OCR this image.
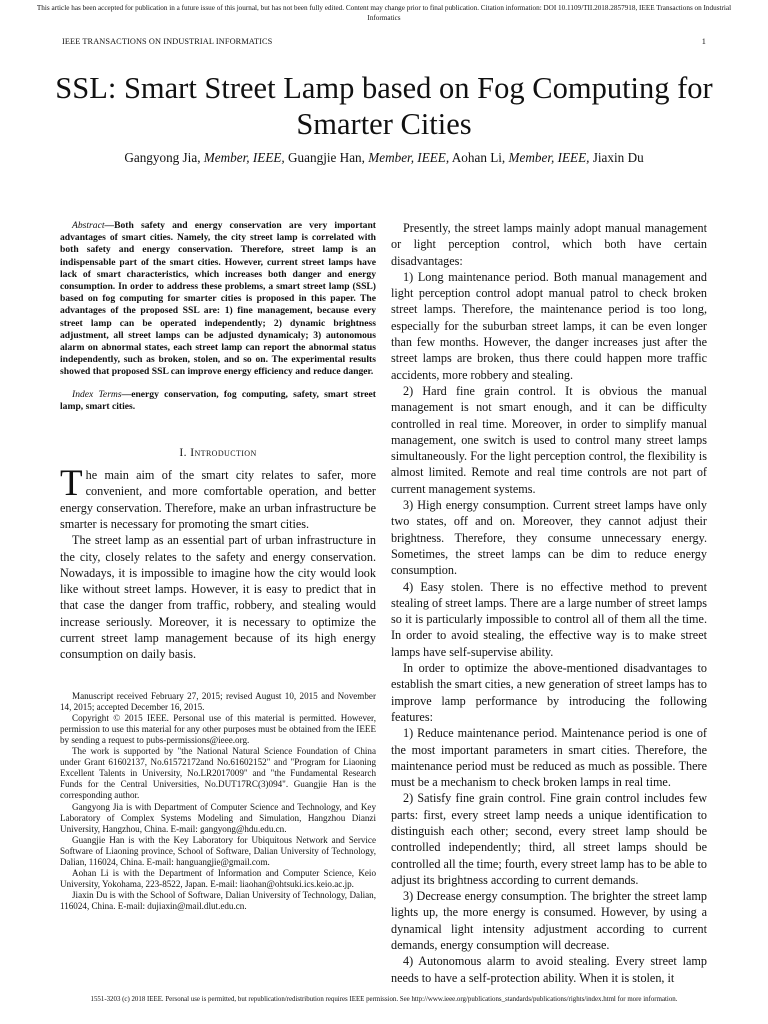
This article has been accepted for publication in a future issue of this journal, but has not been fully edited. Content may change prior to final publication. Citation information: DOI 10.1109/TII.2018.2857918, IEEE Transactions on Industrial Informatics
IEEE TRANSACTIONS ON INDUSTRIAL INFORMATICS	1
SSL: Smart Street Lamp based on Fog Computing for Smarter Cities
Gangyong Jia, Member, IEEE, Guangjie Han, Member, IEEE, Aohan Li, Member, IEEE, Jiaxin Du

Abstract—Both safety and energy conservation are very important advantages of smart cities. Namely, the city street lamp is correlated with both safety and energy conservation. Therefore, street lamp is an indispensable part of the smart cities. However, current street lamps have lack of smart characteristics, which increases both danger and energy consumption. In order to address these problems, a smart street lamp (SSL) based on fog computing for smarter cities is proposed in this paper. The advantages of the proposed SSL are: 1) fine management, because every street lamp can be operated independently; 2) dynamic brightness adjustment, all street lamps can be adjusted dynamicaly; 3) autonomous alarm on abnormal states, each street lamp can report the abnormal status independently, such as broken, stolen, and so on. The experimental results showed that proposed SSL can improve energy efficiency and reduce danger.

Index Terms—energy conservation, fog computing, safety, smart street lamp, smart cities.

I. Introduction

The main aim of the smart city relates to safer, more convenient, and more comfortable operation, and better energy conservation. Therefore, make an urban infrastructure be smarter is necessary for promoting the smart cities.

The street lamp as an essential part of urban infrastructure in the city, closely relates to the safety and energy conservation. Nowadays, it is impossible to imagine how the city would look like without street lamps. However, it is easy to predict that in that case the danger from traffic, robbery, and stealing would increase seriously. Moreover, it is necessary to optimize the current street lamp management because of its high energy consumption on daily basis.

Manuscript received February 27, 2015; revised August 10, 2015 and November 14, 2015; accepted December 16, 2015.

Copyright © 2015 IEEE. Personal use of this material is permitted. However, permission to use this material for any other purposes must be obtained from the IEEE by sending a request to pubs-permissions@ieee.org.

The work is supported by "the National Natural Science Foundation of China under Grant 61602137, No.61572172and No.61602152" and "Program for Liaoning Excellent Talents in University, No.LR2017009" and "the Fundamental Research Funds for the Central Universities, No.DUT17RC(3)094". Guangjie Han is the corresponding author.

Gangyong Jia is with Department of Computer Science and Technology, and Key Laboratory of Complex Systems Modeling and Simulation, Hangzhou Dianzi University, Hangzhou, China. E-mail: gangyong@hdu.edu.cn.

Guangjie Han is with the Key Laboratory for Ubiquitous Network and Service Software of Liaoning province, School of Software, Dalian University of Technology, Dalian, 116024, China. E-mail: hanguangjie@gmail.com.

Aohan Li is with the Department of Information and Computer Science, Keio University, Yokohama, 223-8522, Japan. E-mail: liaohan@ohtsuki.ics.keio.ac.jp.

Jiaxin Du is with the School of Software, Dalian University of Technology, Dalian, 116024, China. E-mail: dujiaxin@mail.dlut.edu.cn.

Presently, the street lamps mainly adopt manual management or light perception control, which both have certain disadvantages:

1) Long maintenance period. Both manual management and light perception control adopt manual patrol to check broken street lamps. Therefore, the maintenance period is too long, especially for the suburban street lamps, it can be even longer than few months. However, the danger increases just after the street lamps are broken, thus there could happen more traffic accidents, more robbery and stealing.

2) Hard fine grain control. It is obvious the manual management is not smart enough, and it can be difficulty controlled in real time. Moreover, in order to simplify manual management, one switch is used to control many street lamps simultaneously. For the light perception control, the flexibility is almost limited. Remote and real time controls are not part of current management systems.

3) High energy consumption. Current street lamps have only two states, off and on. Moreover, they cannot adjust their brightness. Therefore, they consume unnecessary energy. Sometimes, the street lamps can be dim to reduce energy consumption.

4) Easy stolen. There is no effective method to prevent stealing of street lamps. There are a large number of street lamps so it is particularly impossible to control all of them all the time. In order to avoid stealing, the effective way is to make street lamps have self-supervise ability.

In order to optimize the above-mentioned disadvantages to establish the smart cities, a new generation of street lamps has to improve lamp performance by introducing the following features:

1) Reduce maintenance period. Maintenance period is one of the most important parameters in smart cities. Therefore, the maintenance period must be reduced as much as possible. There must be a mechanism to check broken lamps in real time.

2) Satisfy fine grain control. Fine grain control includes few parts: first, every street lamp needs a unique identification to distinguish each other; second, every street lamp should be controlled independently; third, all street lamps should be controlled all the time; fourth, every street lamp has to be able to adjust its brightness according to current demands.

3) Decrease energy consumption. The brighter the street lamp lights up, the more energy is consumed. However, by using a dynamical light intensity adjustment according to current demands, energy consumption will decrease.

4) Autonomous alarm to avoid stealing. Every street lamp needs to have a self-protection ability. When it is stolen, it

1551-3203 (c) 2018 IEEE. Personal use is permitted, but republication/redistribution requires IEEE permission. See http://www.ieee.org/publications_standards/publications/rights/index.html for more information.
